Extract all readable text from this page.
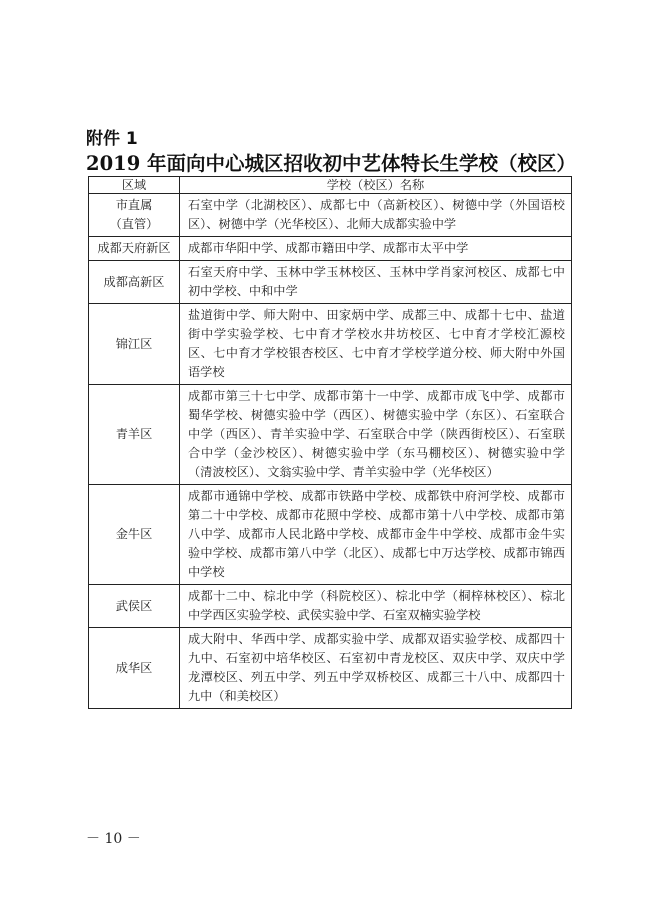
附件 1
2019 年面向中心城区招收初中艺体特长生学校（校区）
区域	学校（校区）名称
市直属（直管）	石室中学（北湖校区）、成都七中（高新校区）、树德中学（外国语校区）、树德中学（光华校区）、北师大成都实验中学
成都天府新区	成都市华阳中学、成都市籍田中学、成都市太平中学
成都高新区	石室天府中学、玉林中学玉林校区、玉林中学肖家河校区、成都七中初中学校、中和中学
锦江区	盐道街中学、师大附中、田家炳中学、成都三中、成都十七中、盐道街中学实验学校、七中育才学校水井坊校区、七中育才学校汇源校区、七中育才学校银杏校区、七中育才学校学道分校、师大附中外国语学校
青羊区	成都市第三十七中学、成都市第十一中学、成都市成飞中学、成都市蜀华学校、树德实验中学（西区）、树德实验中学（东区）、石室联合中学（西区）、青羊实验中学、石室联合中学（陕西街校区）、石室联合中学（金沙校区）、树德实验中学（东马棚校区）、树德实验中学（清波校区）、文翁实验中学、青羊实验中学（光华校区）
金牛区	成都市通锦中学校、成都市铁路中学校、成都铁中府河学校、成都市第二十中学校、成都市花照中学校、成都市第十八中学校、成都市第八中学、成都市人民北路中学校、成都市金牛中学校、成都市金牛实验中学校、成都市第八中学（北区）、成都七中万达学校、成都市锦西中学校
武侯区	成都十二中、棕北中学（科院校区）、棕北中学（桐梓林校区）、棕北中学西区实验学校、武侯实验中学、石室双楠实验学校
成华区	成大附中、华西中学、成都实验中学、成都双语实验学校、成都四十九中、石室初中培华校区、石室初中青龙校区、双庆中学、双庆中学龙潭校区、列五中学、列五中学双桥校区、成都三十八中、成都四十九中（和美校区）
－ 10 －
